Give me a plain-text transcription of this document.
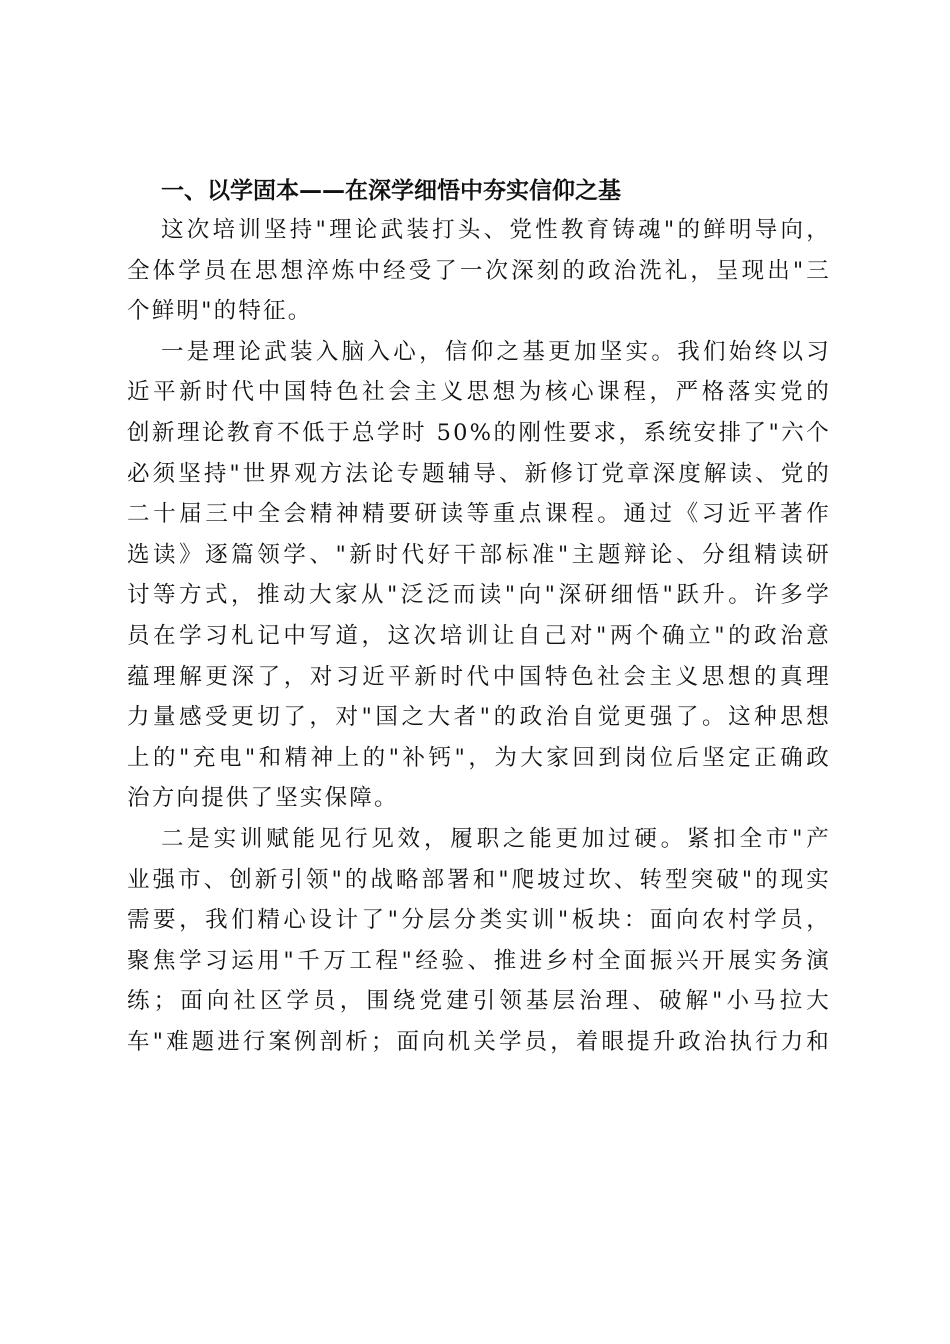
一、以学固本——在深学细悟中夯实信仰之基

这次培训坚持"理论武装打头、党性教育铸魂"的鲜明导向，
全体学员在思想淬炼中经受了一次深刻的政治洗礼，呈现出"三
个鲜明"的特征。

一是理论武装入脑入心，信仰之基更加坚实。我们始终以习
近平新时代中国特色社会主义思想为核心课程，严格落实党的
创新理论教育不低于总学时 50%的刚性要求，系统安排了"六个
必须坚持"世界观方法论专题辅导、新修订党章深度解读、党的
二十届三中全会精神精要研读等重点课程。通过《习近平著作
选读》逐篇领学、"新时代好干部标准"主题辩论、分组精读研
讨等方式，推动大家从"泛泛而读"向"深研细悟"跃升。许多学
员在学习札记中写道，这次培训让自己对"两个确立"的政治意
蕴理解更深了，对习近平新时代中国特色社会主义思想的真理
力量感受更切了，对"国之大者"的政治自觉更强了。这种思想
上的"充电"和精神上的"补钙"，为大家回到岗位后坚定正确政
治方向提供了坚实保障。

二是实训赋能见行见效，履职之能更加过硬。紧扣全市"产
业强市、创新引领"的战略部署和"爬坡过坎、转型突破"的现实
需要，我们精心设计了"分层分类实训"板块：面向农村学员，
聚焦学习运用"千万工程"经验、推进乡村全面振兴开展实务演
练；面向社区学员，围绕党建引领基层治理、破解"小马拉大
车"难题进行案例剖析；面向机关学员，着眼提升政治执行力和
